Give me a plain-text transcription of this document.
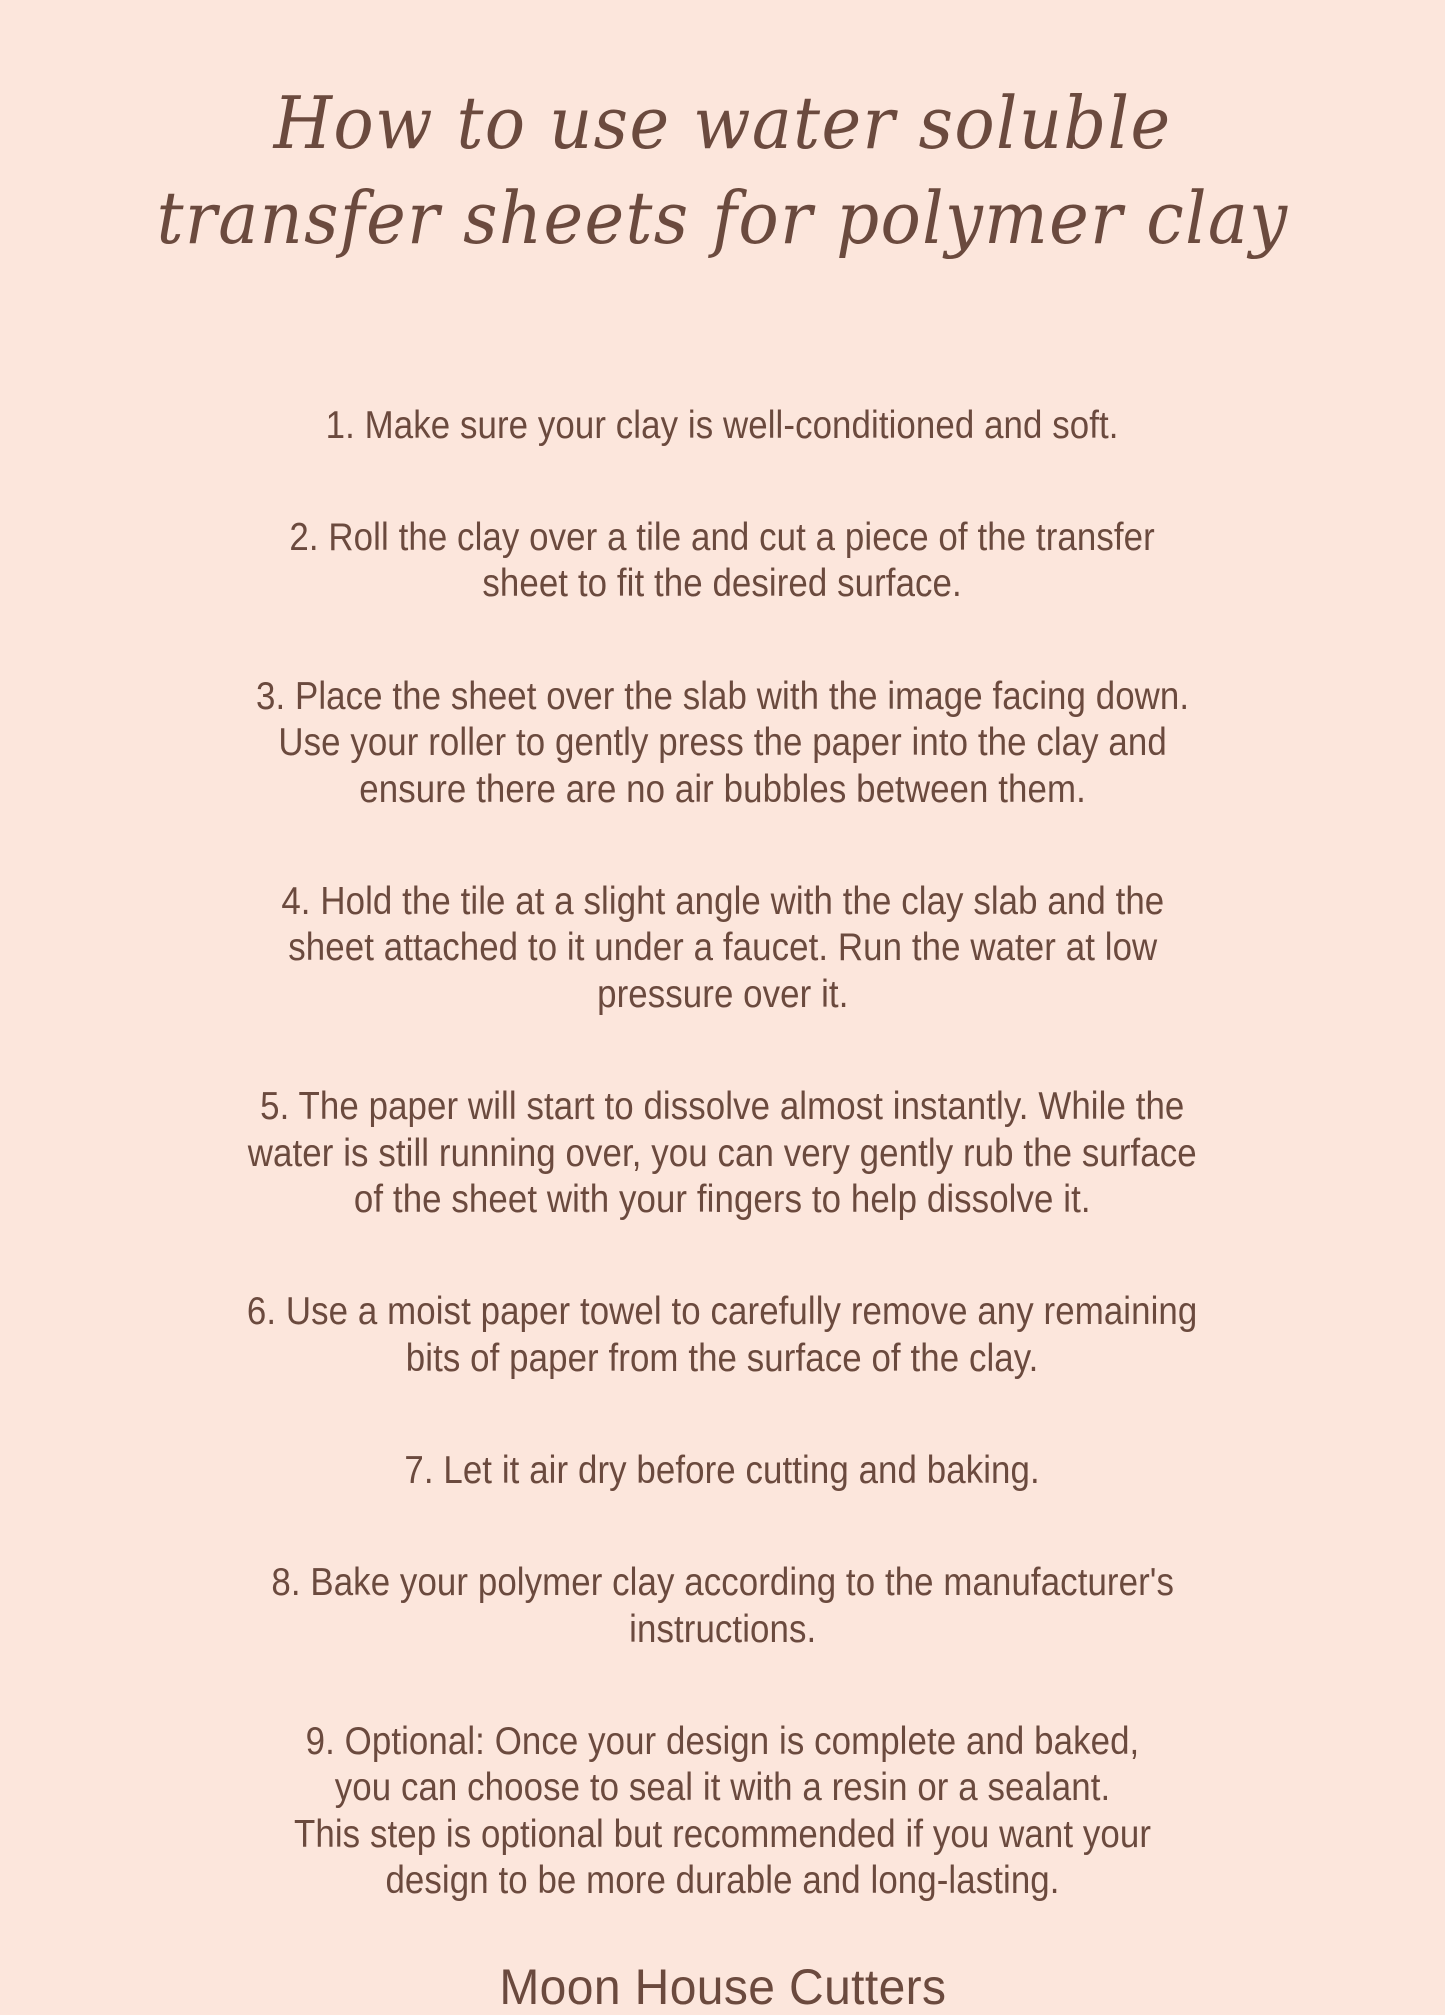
How to use water soluble
transfer sheets for polymer clay

1. Make sure your clay is well-conditioned and soft.

2. Roll the clay over a tile and cut a piece of the transfer
sheet to fit the desired surface.

3. Place the sheet over the slab with the image facing down.
Use your roller to gently press the paper into the clay and
ensure there are no air bubbles between them.

4. Hold the tile at a slight angle with the clay slab and the
sheet attached to it under a faucet. Run the water at low
pressure over it.

5. The paper will start to dissolve almost instantly. While the
water is still running over, you can very gently rub the surface
of the sheet with your fingers to help dissolve it.

6. Use a moist paper towel to carefully remove any remaining
bits of paper from the surface of the clay.

7. Let it air dry before cutting and baking.

8. Bake your polymer clay according to the manufacturer's
instructions.

9. Optional: Once your design is complete and baked,
you can choose to seal it with a resin or a sealant.
This step is optional but recommended if you want your
design to be more durable and long-lasting.

Moon House Cutters
